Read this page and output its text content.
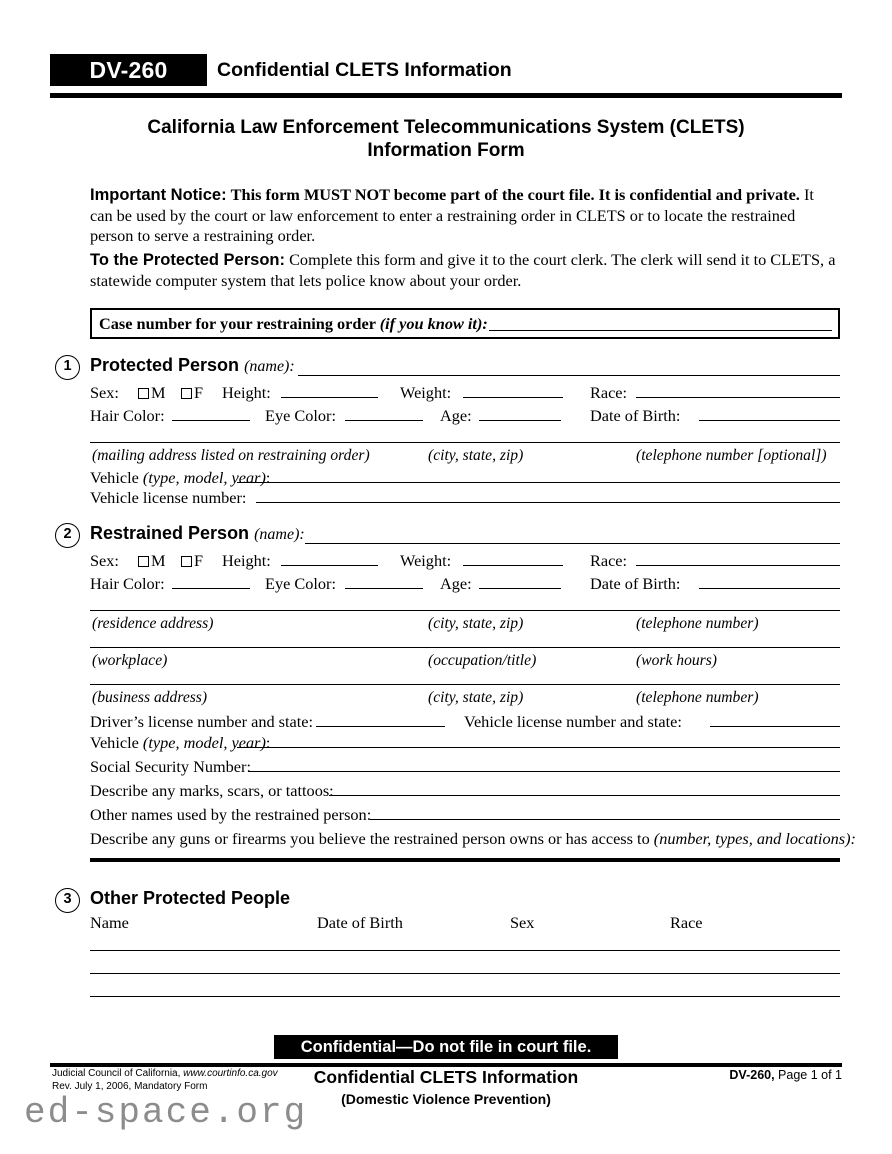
DV-260	Confidential CLETS Information
California Law Enforcement Telecommunications System (CLETS)
Information Form
Important Notice: This form MUST NOT become part of the court file. It is confidential and private. It can be used by the court or law enforcement to enter a restraining order in CLETS or to locate the restrained person to serve a restraining order.
To the Protected Person: Complete this form and give it to the court clerk. The clerk will send it to CLETS, a statewide computer system that lets police know about your order.
Case number for your restraining order (if you know it):
1	Protected Person (name):
Sex:	M	F Height:	Weight:	Race:
Hair Color:	Eye Color:	Age:	Date of Birth:
(mailing address listed on restraining order)	(city, state, zip)	(telephone number [optional])
Vehicle (type, model, year):
Vehicle license number:
2	Restrained Person (name):
Sex:	M	F Height:	Weight:	Race:
Hair Color:	Eye Color:	Age:	Date of Birth:
(residence address)	(city, state, zip)	(telephone number)
(workplace)	(occupation/title)	(work hours)
(business address)	(city, state, zip)	(telephone number)
Driver’s license number and state:	Vehicle license number and state:
Vehicle (type, model, year):
Social Security Number:
Describe any marks, scars, or tattoos:
Other names used by the restrained person:
Describe any guns or firearms you believe the restrained person owns or has access to (number, types, and locations):
3	Other Protected People
Name	Date of Birth	Sex	Race
Confidential—Do not file in court file.
Judicial Council of California, www.courtinfo.ca.gov
Rev. July 1, 2006, Mandatory Form	Confidential CLETS Information
(Domestic Violence Prevention)
DV-260, Page 1 of 1
ed-space.org
